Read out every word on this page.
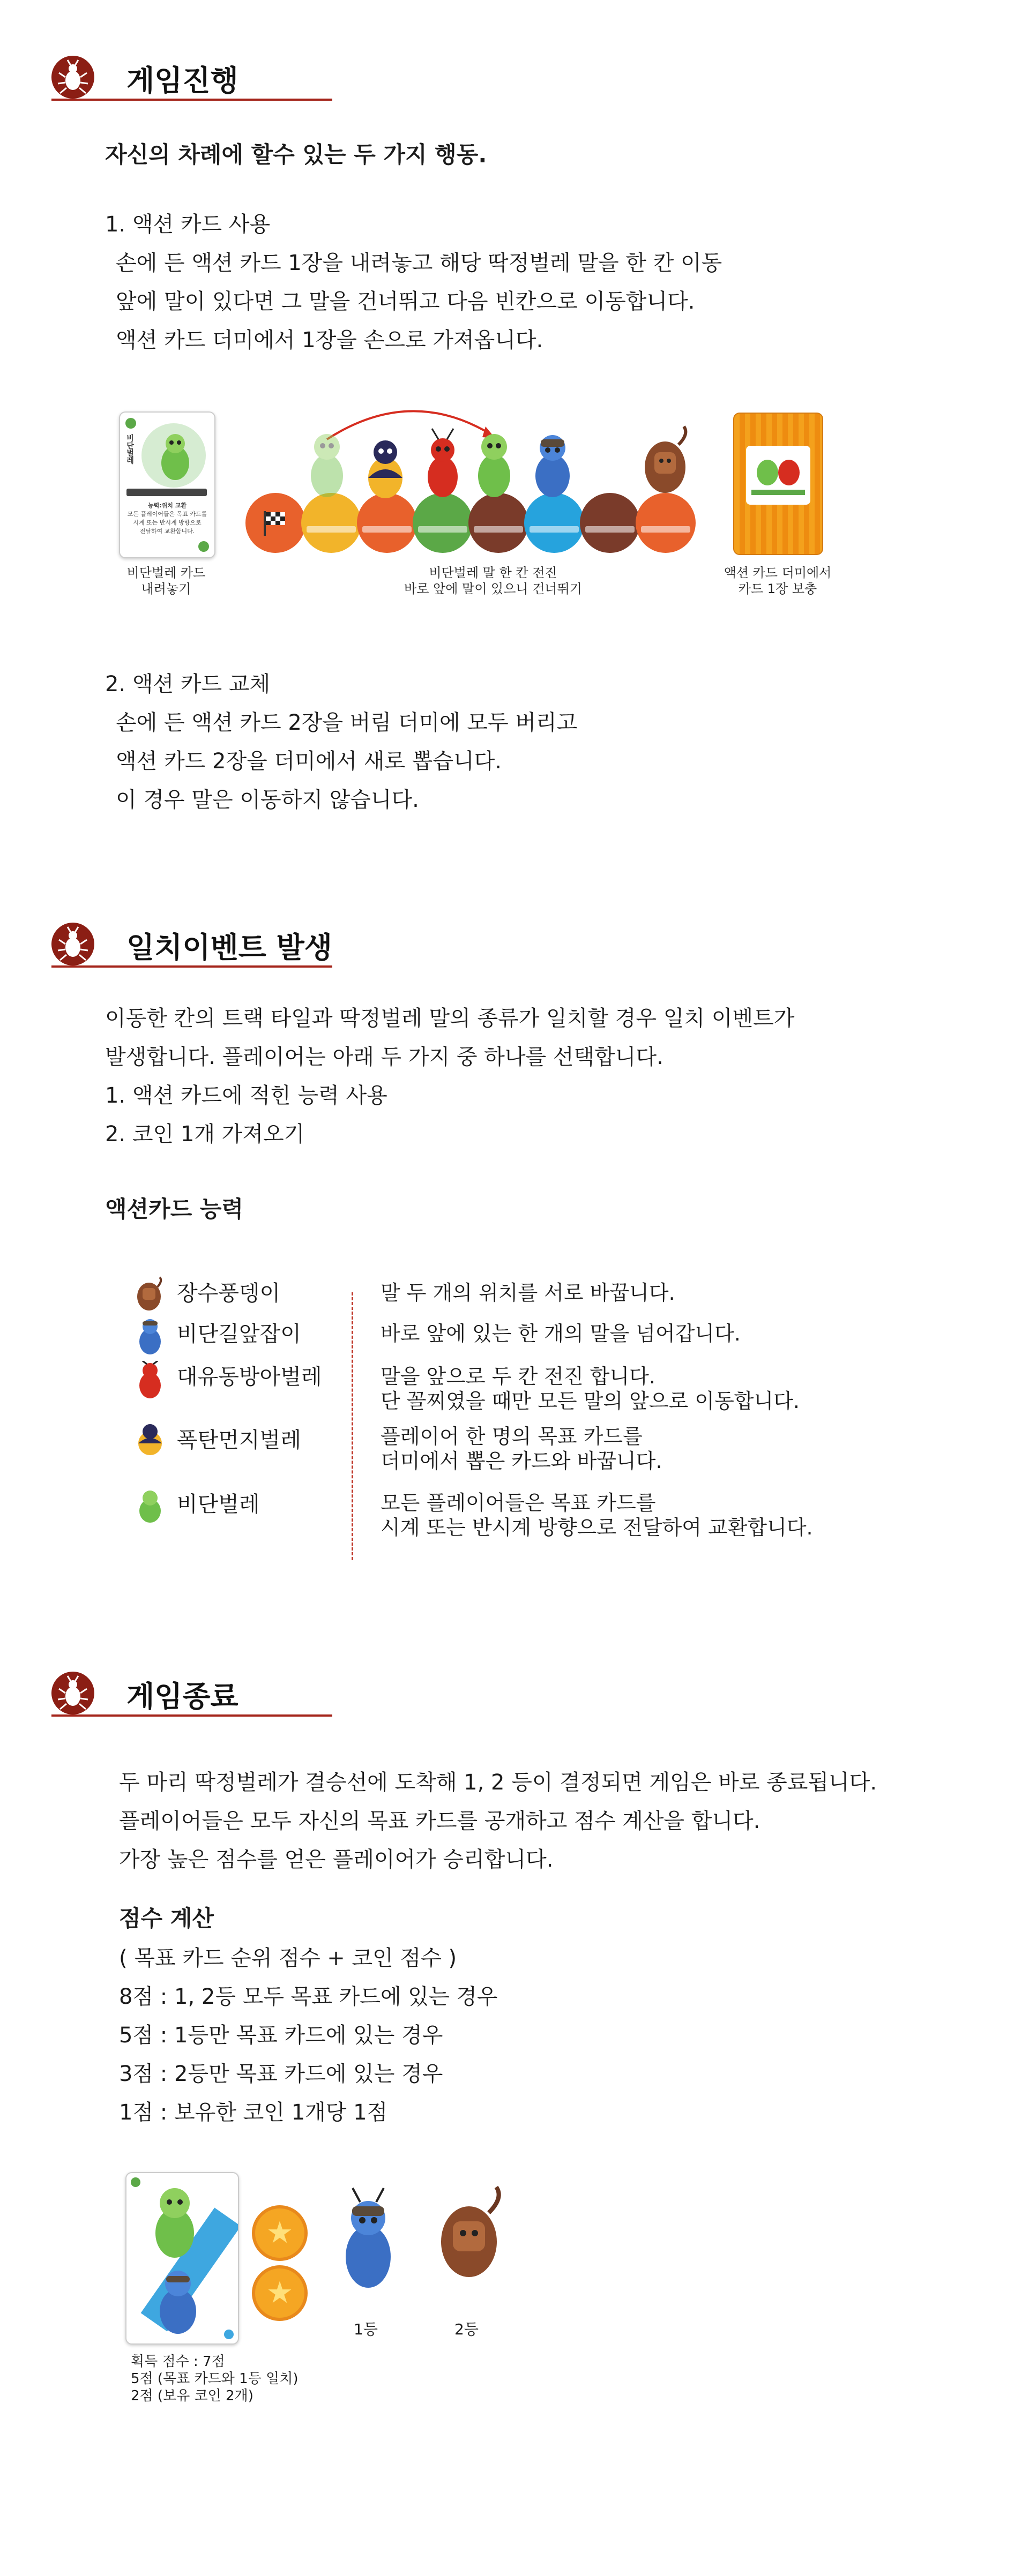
게임진행
자신의 차례에 할수 있는 두 가지 행동.
1. 액션 카드 사용
손에 든 액션 카드 1장을 내려놓고 해당 딱정벌레 말을 한 칸 이동
앞에 말이 있다면 그 말을 건너뛰고 다음 빈칸으로 이동합니다.
액션 카드 더미에서 1장을 손으로 가져옵니다.
비단벌레
능력:위치 교환
모든 플레이어들은 목표 카드를
시계 또는 반시계 방향으로
전달하여 교환합니다.
비단벌레 카드
내려놓기
비단벌레 말 한 칸 전진
바로 앞에 말이 있으니 건너뛰기
액션 카드 더미에서
카드 1장 보충
2. 액션 카드 교체
손에 든 액션 카드 2장을 버림 더미에 모두 버리고
액션 카드 2장을 더미에서 새로 뽑습니다.
이 경우 말은 이동하지 않습니다.
일치이벤트 발생
이동한 칸의 트랙 타일과 딱정벌레 말의 종류가 일치할 경우 일치 이벤트가
발생합니다. 플레이어는 아래 두 가지 중 하나를 선택합니다.
1. 액션 카드에 적힌 능력 사용
2. 코인 1개 가져오기
액션카드 능력
장수풍뎅이	말 두 개의 위치를 서로 바꿉니다.
비단길앞잡이	바로 앞에 있는 한 개의 말을 넘어갑니다.
대유동방아벌레	말을 앞으로 두 칸 전진 합니다.
단 꼴찌였을 때만 모든 말의 앞으로 이동합니다.
폭탄먼지벌레	플레이어 한 명의 목표 카드를
더미에서 뽑은 카드와 바꿉니다.
비단벌레	모든 플레이어들은 목표 카드를
시계 또는 반시계 방향으로 전달하여 교환합니다.
게임종료
두 마리 딱정벌레가 결승선에 도착해 1, 2 등이 결정되면 게임은 바로 종료됩니다.
플레이어들은 모두 자신의 목표 카드를 공개하고 점수 계산을 합니다.
가장 높은 점수를 얻은 플레이어가 승리합니다.
점수 계산
( 목표 카드 순위 점수 + 코인 점수 )
8점 : 1, 2등 모두 목표 카드에 있는 경우
5점 : 1등만 목표 카드에 있는 경우
3점 : 2등만 목표 카드에 있는 경우
1점 : 보유한 코인 1개당 1점
★
★
1등	2등
획득 점수 : 7점
5점 (목표 카드와 1등 일치)
2점 (보유 코인 2개)
